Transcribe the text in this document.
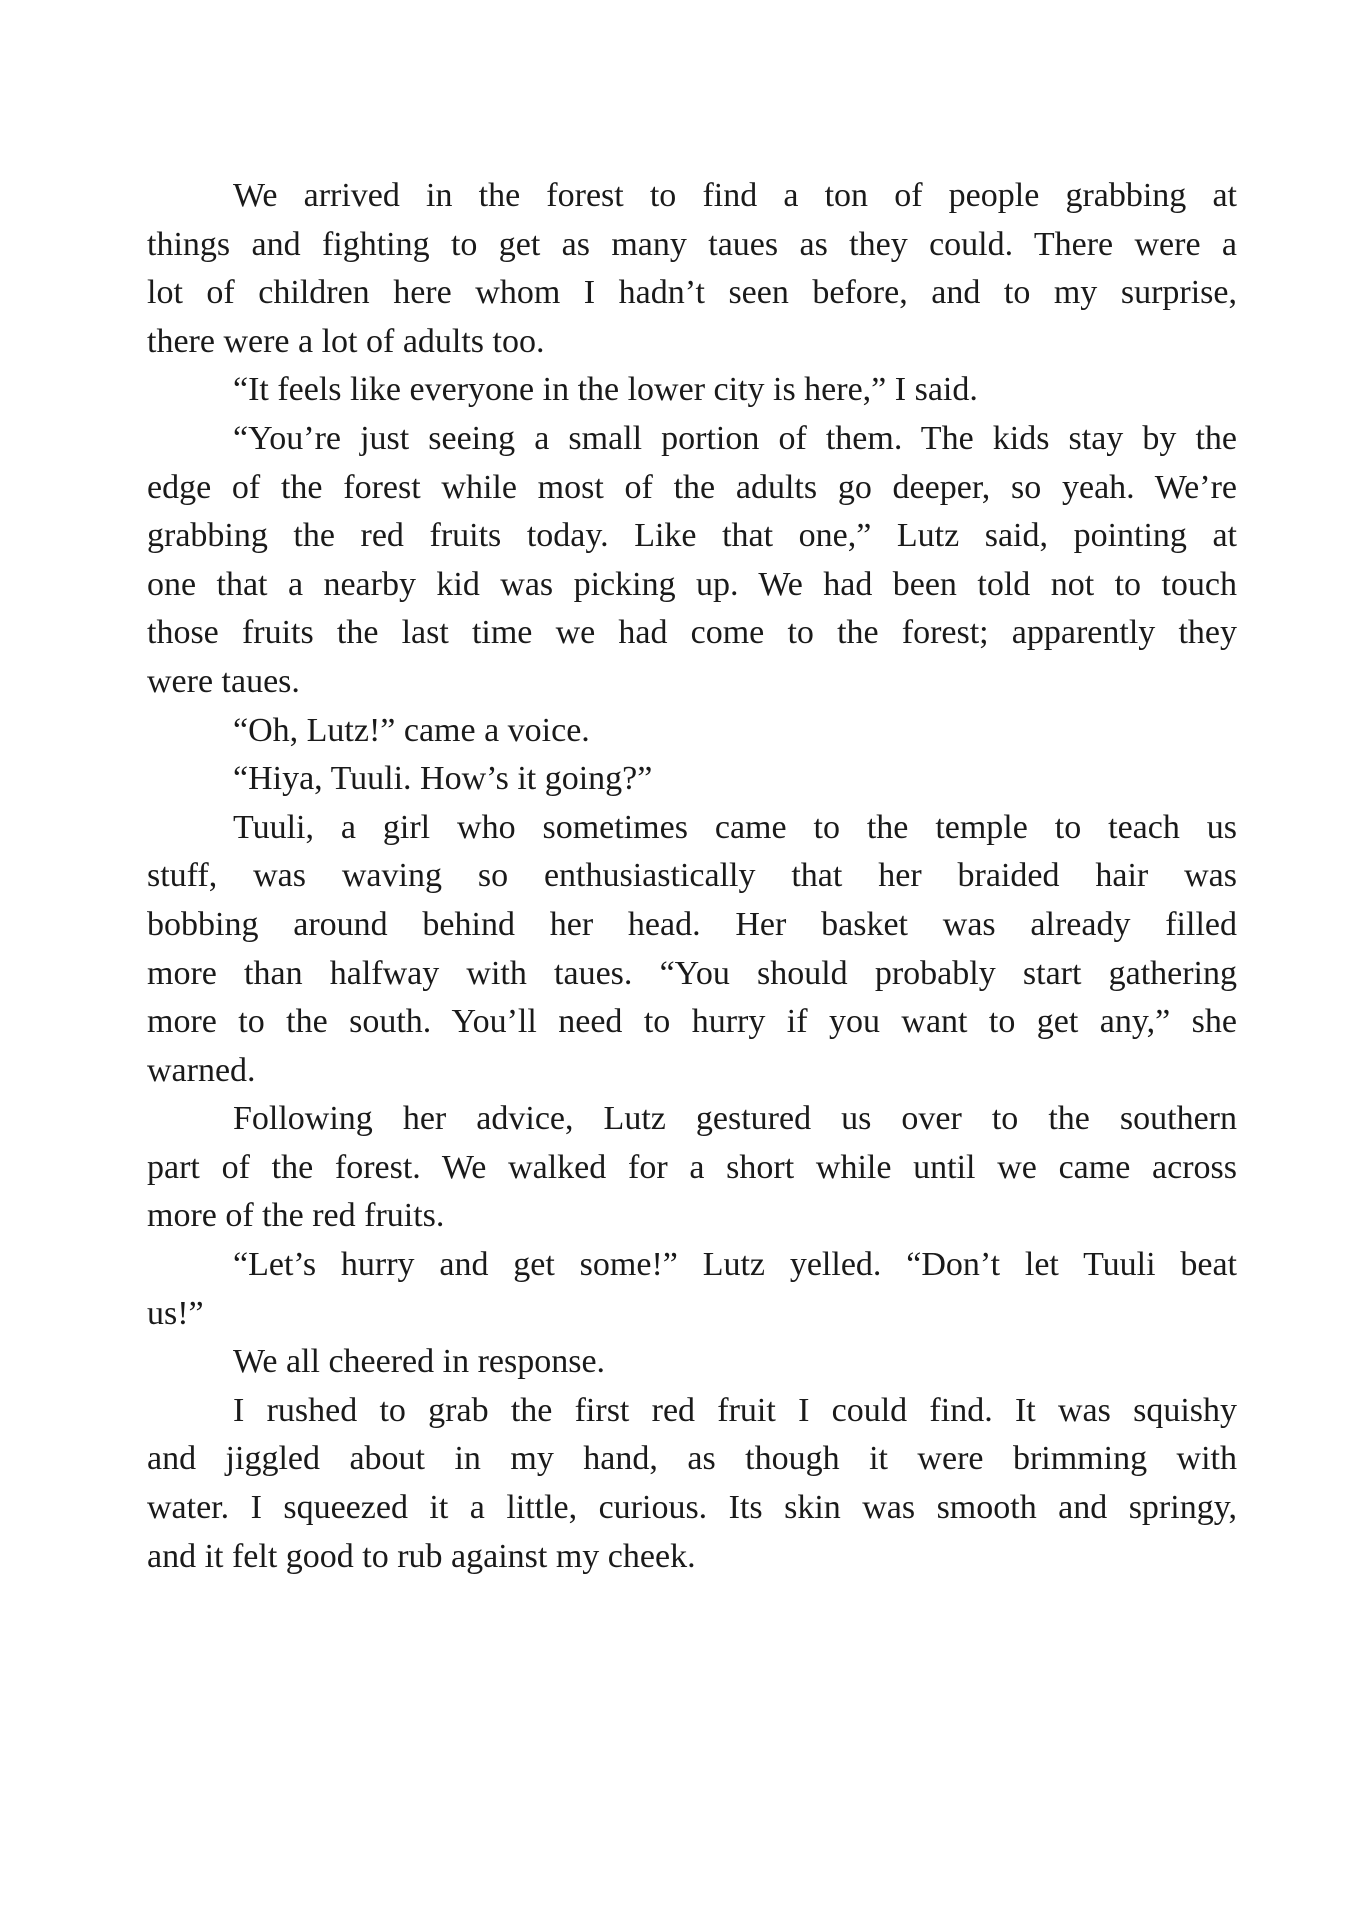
We arrived in the forest to find a ton of people grabbing at
things and fighting to get as many taues as they could. There were a
lot of children here whom I hadn’t seen before, and to my surprise,
there were a lot of adults too.
“It feels like everyone in the lower city is here,” I said.
“You’re just seeing a small portion of them. The kids stay by the
edge of the forest while most of the adults go deeper, so yeah. We’re
grabbing the red fruits today. Like that one,” Lutz said, pointing at
one that a nearby kid was picking up. We had been told not to touch
those fruits the last time we had come to the forest; apparently they
were taues.
“Oh, Lutz!” came a voice.
“Hiya, Tuuli. How’s it going?”
Tuuli, a girl who sometimes came to the temple to teach us
stuff, was waving so enthusiastically that her braided hair was
bobbing around behind her head. Her basket was already filled
more than halfway with taues. “You should probably start gathering
more to the south. You’ll need to hurry if you want to get any,” she
warned.
Following her advice, Lutz gestured us over to the southern
part of the forest. We walked for a short while until we came across
more of the red fruits.
“Let’s hurry and get some!” Lutz yelled. “Don’t let Tuuli beat
us!”
We all cheered in response.
I rushed to grab the first red fruit I could find. It was squishy
and jiggled about in my hand, as though it were brimming with
water. I squeezed it a little, curious. Its skin was smooth and springy,
and it felt good to rub against my cheek.
